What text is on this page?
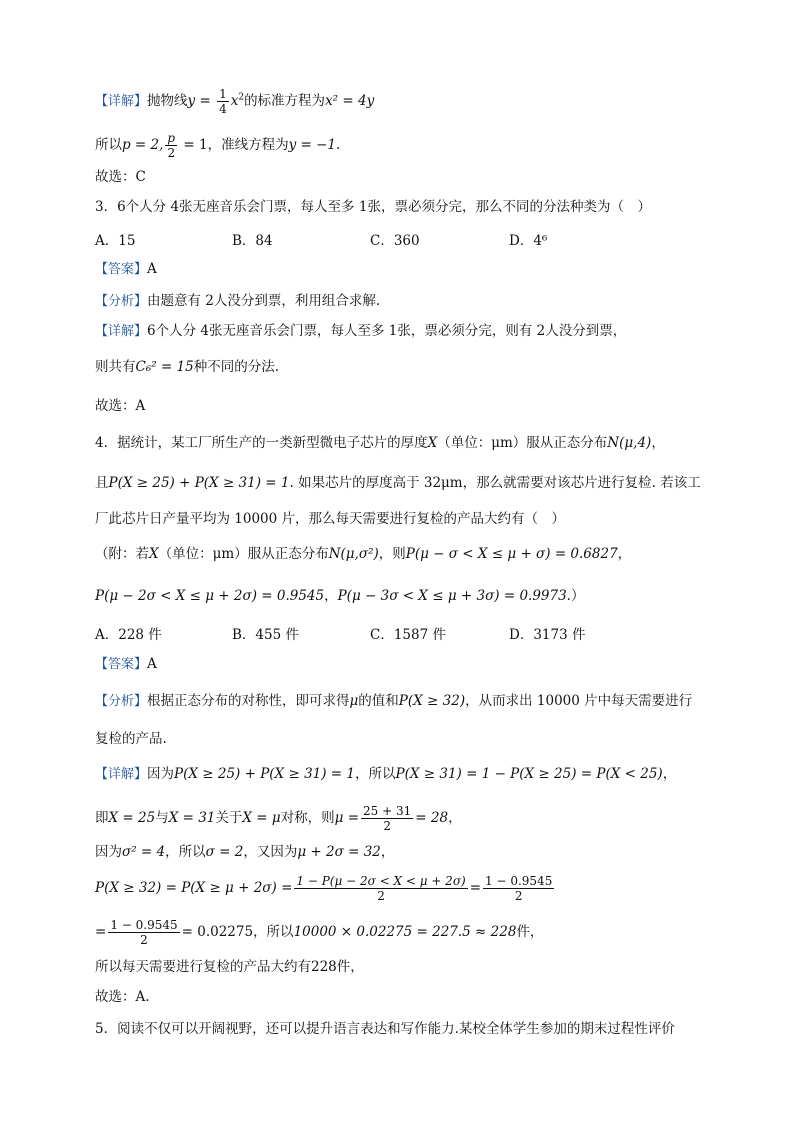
【详解】抛物线$y = \frac{1}{4} x^2$的标准方程为x² = 4y
所以p = 2, $\frac{p}{2} = 1$，准线方程为y = −1.
故选：C
3．6个人分 4张无座音乐会门票，每人至多 1张，票必须分完，那么不同的分法种类为（　）
A．15	B．84	C．360	D．4⁶
【答案】A
【分析】由题意有 2人没分到票，利用组合求解.
【详解】6个人分 4张无座音乐会门票，每人至多 1张，票必须分完，则有 2人没分到票，
则共有C₆² = 15种不同的分法.
故选：A
4．据统计，某工厂所生产的一类新型微电子芯片的厚度X（单位：μm）服从正态分布N(μ,4)，
且P(X ≥ 25) + P(X ≥ 31) = 1. 如果芯片的厚度高于 32μm，那么就需要对该芯片进行复检. 若该工
厂此芯片日产量平均为 10000 片，那么每天需要进行复检的产品大约有（　）
（附：若X（单位：μm）服从正态分布N(μ,σ²)，则P(μ − σ < X ≤ μ + σ) = 0.6827，
P(μ − 2σ < X ≤ μ + 2σ) = 0.9545，P(μ − 3σ < X ≤ μ + 3σ) = 0.9973.）
A．228 件	B．455 件	C．1587 件	D．3173 件
【答案】A
【分析】根据正态分布的对称性，即可求得μ的值和P(X ≥ 32)，从而求出 10000 片中每天需要进行
复检的产品.
【详解】因为P(X ≥ 25) + P(X ≥ 31) = 1，所以P(X ≥ 31) = 1 − P(X ≥ 25) = P(X < 25)，
即X = 25与X = 31关于X = μ对称，则$\mu = \frac{25 + 31}{2} = 28$，
因为σ² = 4，所以σ = 2，又因为μ + 2σ = 32，
$P(X \ge 32) = P(X \ge \mu + 2\sigma) = \frac{1 - P(\mu - 2\sigma < X < \mu + 2\sigma)}{2} = \frac{1 - 0.9545}{2}$
= $\frac{1 - 0.9545}{2} = 0.02275$，所以10000 × 0.02275 = 227.5 ≈ 228件，
所以每天需要进行复检的产品大约有228件，
故选：A.
5．阅读不仅可以开阔视野，还可以提升语言表达和写作能力.某校全体学生参加的期末过程性评价
